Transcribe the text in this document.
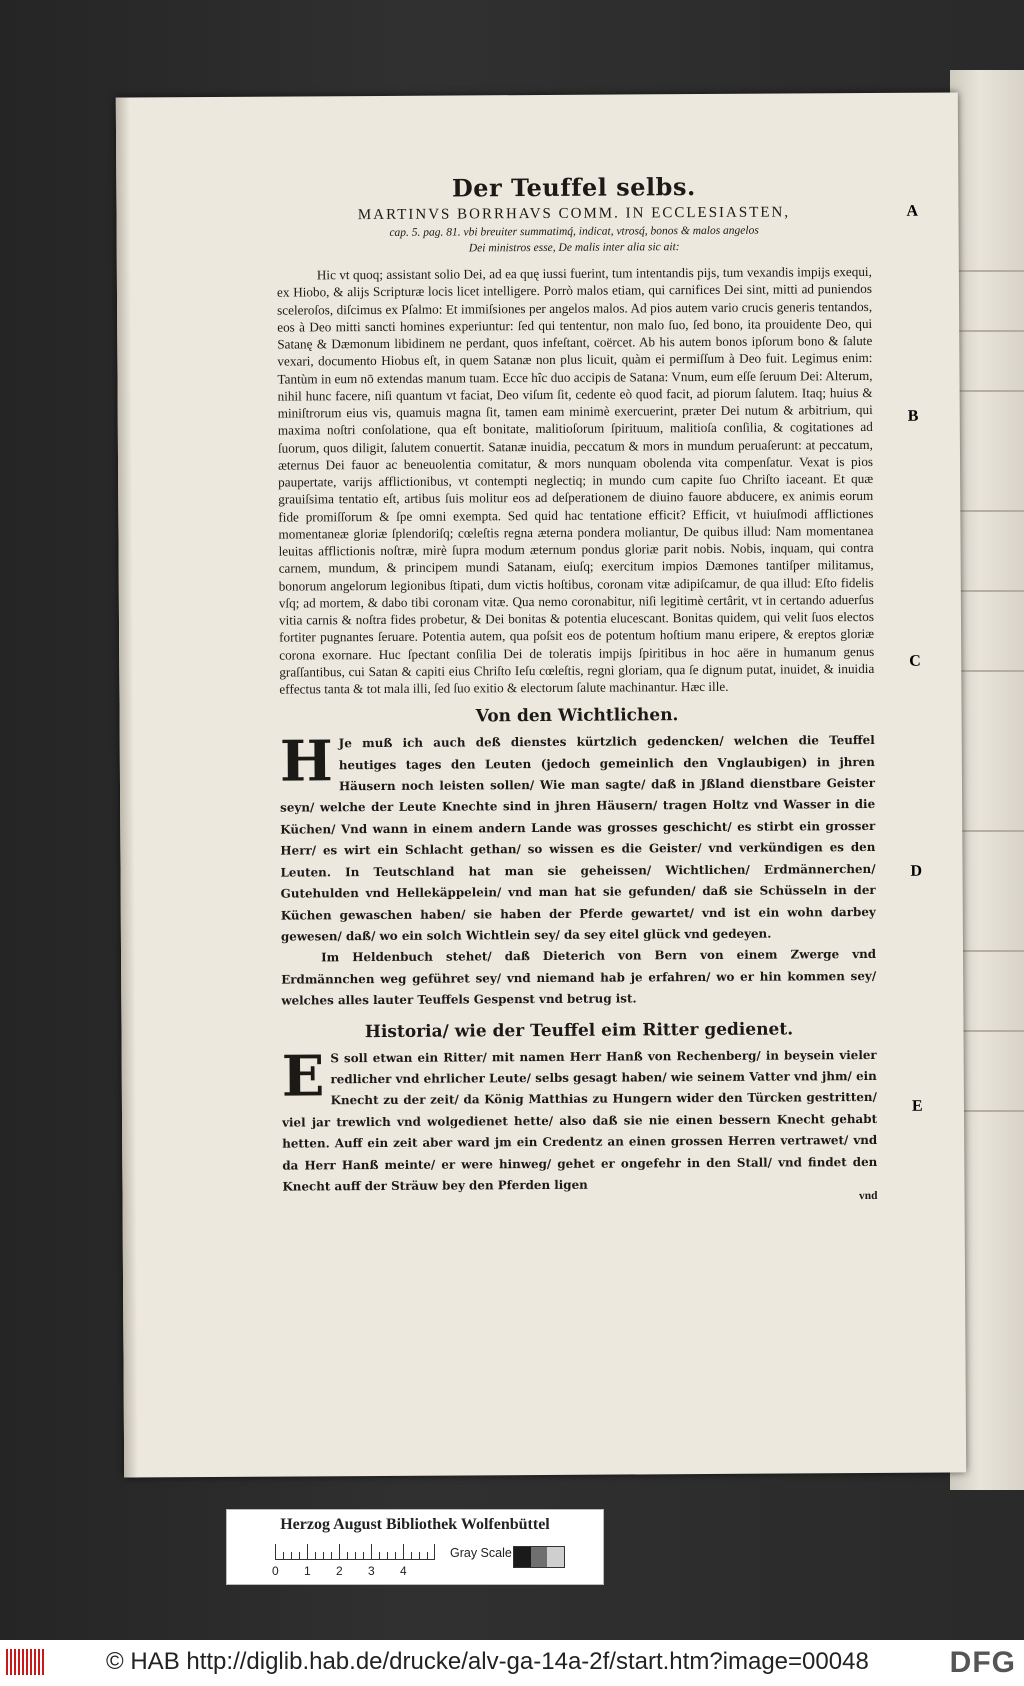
A
B
C
D
E
Der Teuffel selbs.
MARTINVS BORRHAVS COMM. IN ECCLESIASTEN,
cap. 5. pag. 81. vbi breuiter summatimq́, indicat, vtrosq́, bonos & malos angelos
Dei ministros esse, De malis inter alia sic ait:
Hic vt quoq; assistant solio Dei, ad ea quę iussi fuerint, tum intentandis pijs, tum vexandis impijs exequi, ex Hiobo, & alijs Scripturæ locis licet intelligere. Porrò malos etiam, qui carnifices Dei sint, mitti ad puniendos sceleroſos, diſcimus ex Pſalmo: Et immiſsiones per angelos malos. Ad pios autem vario crucis generis tentandos, eos à Deo mitti sancti homines experiuntur: ſed qui tententur, non malo ſuo, ſed bono, ita prouidente Deo, qui Satanę & Dæmonum libidinem ne perdant, quos infeſtant, coërcet. Ab his autem bonos ipſorum bono & ſalute vexari, documento Hiobus eſt, in quem Satanæ non plus licuit, quàm ei permiſſum à Deo fuit. Legimus enim: Tantùm in eum nō extendas manum tuam. Ecce hîc duo accipis de Satana: Vnum, eum eſſe ſeruum Dei: Alterum, nihil hunc facere, niſi quantum vt faciat, Deo viſum ſit, cedente eò quod facit, ad piorum ſalutem. Itaq; huius & miniſtrorum eius vis, quamuis magna ſit, tamen eam minimè exercuerint, præter Dei nutum & arbitrium, qui maxima noſtri conſolatione, qua eſt bonitate, malitioſorum ſpirituum, malitioſa conſilia, & cogitationes ad ſuorum, quos diligit, ſalutem conuertit. Satanæ inuidia, peccatum & mors in mundum peruaſerunt: at peccatum, æternus Dei fauor ac beneuolentia comitatur, & mors nunquam obolenda vita compenſatur. Vexat is pios paupertate, varijs afflictionibus, vt contempti neglectiq; in mundo cum capite ſuo Chriſto iaceant. Et quæ grauiſsima tentatio eſt, artibus ſuis molitur eos ad deſperationem de diuino fauore abducere, ex animis eorum fide promiſſorum & ſpe omni exempta. Sed quid hac tentatione efficit? Efficit, vt huiuſmodi afflictiones momentaneæ gloriæ ſplendoriſq; cœleſtis regna æterna pondera moliantur, De quibus illud: Nam momentanea leuitas afflictionis noſtræ, mirè ſupra modum æternum pondus gloriæ parit nobis. Nobis, inquam, qui contra carnem, mundum, & principem mundi Satanam, eiuſq; exercitum impios Dæmones tantiſper militamus, bonorum angelorum legionibus ſtipati, dum victis hoſtibus, coronam vitæ adipiſcamur, de qua illud: Eſto fidelis vſq; ad mortem, & dabo tibi coronam vitæ. Qua nemo coronabitur, niſi legitimè certârit, vt in certando aduerſus vitia carnis & noſtra fides probetur, & Dei bonitas & potentia elucescant. Bonitas quidem, qui velit ſuos electos fortiter pugnantes ſeruare. Potentia autem, qua poſsit eos de potentum hoſtium manu eripere, & ereptos gloriæ corona exornare. Huc ſpectant conſilia Dei de toleratis impijs ſpiritibus in hoc aëre in humanum genus graſſantibus, cui Satan & capiti eius Chriſto Ieſu cœleſtis, regni gloriam, qua ſe dignum putat, inuidet, & inuidia effectus tanta & tot mala illi, ſed ſuo exitio & electorum ſalute machinantur. Hæc ille.
Von den Wichtlichen.

H Je muß ich auch deß dienstes kürtzlich gedencken/ welchen die Teuffel heutiges tages den Leuten (jedoch gemeinlich den Vnglaubigen) in jhren Häusern noch leisten sollen/ Wie man sagte/ daß in Jßland dienstbare Geister seyn/ welche der Leute Knechte sind in jhren Häusern/ tragen Holtz vnd Wasser in die Küchen/ Vnd wann in einem andern Lande was grosses geschicht/ es stirbt ein grosser Herr/ es wirt ein Schlacht gethan/ so wissen es die Geister/ vnd verkündigen es den Leuten. In Teutschland hat man sie geheissen/ Wichtlichen/ Erdmännerchen/ Gutehulden vnd Hellekäppelein/ vnd man hat sie gefunden/ daß sie Schüsseln in der Küchen gewaschen haben/ sie haben der Pferde gewartet/ vnd ist ein wohn darbey gewesen/ daß/ wo ein solch Wichtlein sey/ da sey eitel glück vnd gedeyen.

Im Heldenbuch stehet/ daß Dieterich von Bern von einem Zwerge vnd Erdmännchen weg geführet sey/ vnd niemand hab je erfahren/ wo er hin kommen sey/ welches alles lauter Teuffels Gespenst vnd betrug ist.

Historia/ wie der Teuffel eim Ritter gedienet.

E S soll etwan ein Ritter/ mit namen Herr Hanß von Rechenberg/ in beysein vieler redlicher vnd ehrlicher Leute/ selbs gesagt haben/ wie seinem Vatter vnd jhm/ ein Knecht zu der zeit/ da König Matthias zu Hungern wider den Türcken gestritten/ viel jar trewlich vnd wolgedienet hette/ also daß sie nie einen bessern Knecht gehabt hetten. Auff ein zeit aber ward jm ein Credentz an einen grossen Herren vertrawet/ vnd da Herr Hanß meinte/ er were hinweg/ gehet er ongefehr in den Stall/ vnd findet den Knecht auff der Sträuw bey den Pferden ligen

vnd
Herzog August Bibliothek Wolfenbüttel
0 1 2 3 4
Gray Scale
© HAB http://diglib.hab.de/drucke/alv-ga-14a-2f/start.htm?image=00048	DFG
